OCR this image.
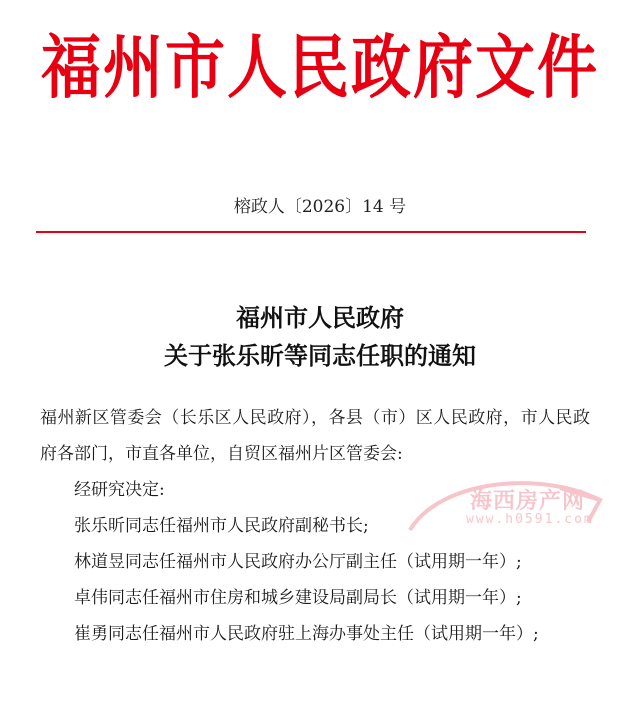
福州市人民政府文件
榕政人〔2026〕14 号
福州市人民政府
关于张乐昕等同志任职的通知

福州新区管委会（长乐区人民政府），各县（市）区人民政府，市人民政府各部门，市直各单位，自贸区福州片区管委会:

经研究决定:

张乐昕同志任福州市人民政府副秘书长;

林道昱同志任福州市人民政府办公厅副主任（试用期一年）;

卓伟同志任福州市住房和城乡建设局副局长（试用期一年）;

崔勇同志任福州市人民政府驻上海办事处主任（试用期一年）;

海西房产网
www.h0591.com
